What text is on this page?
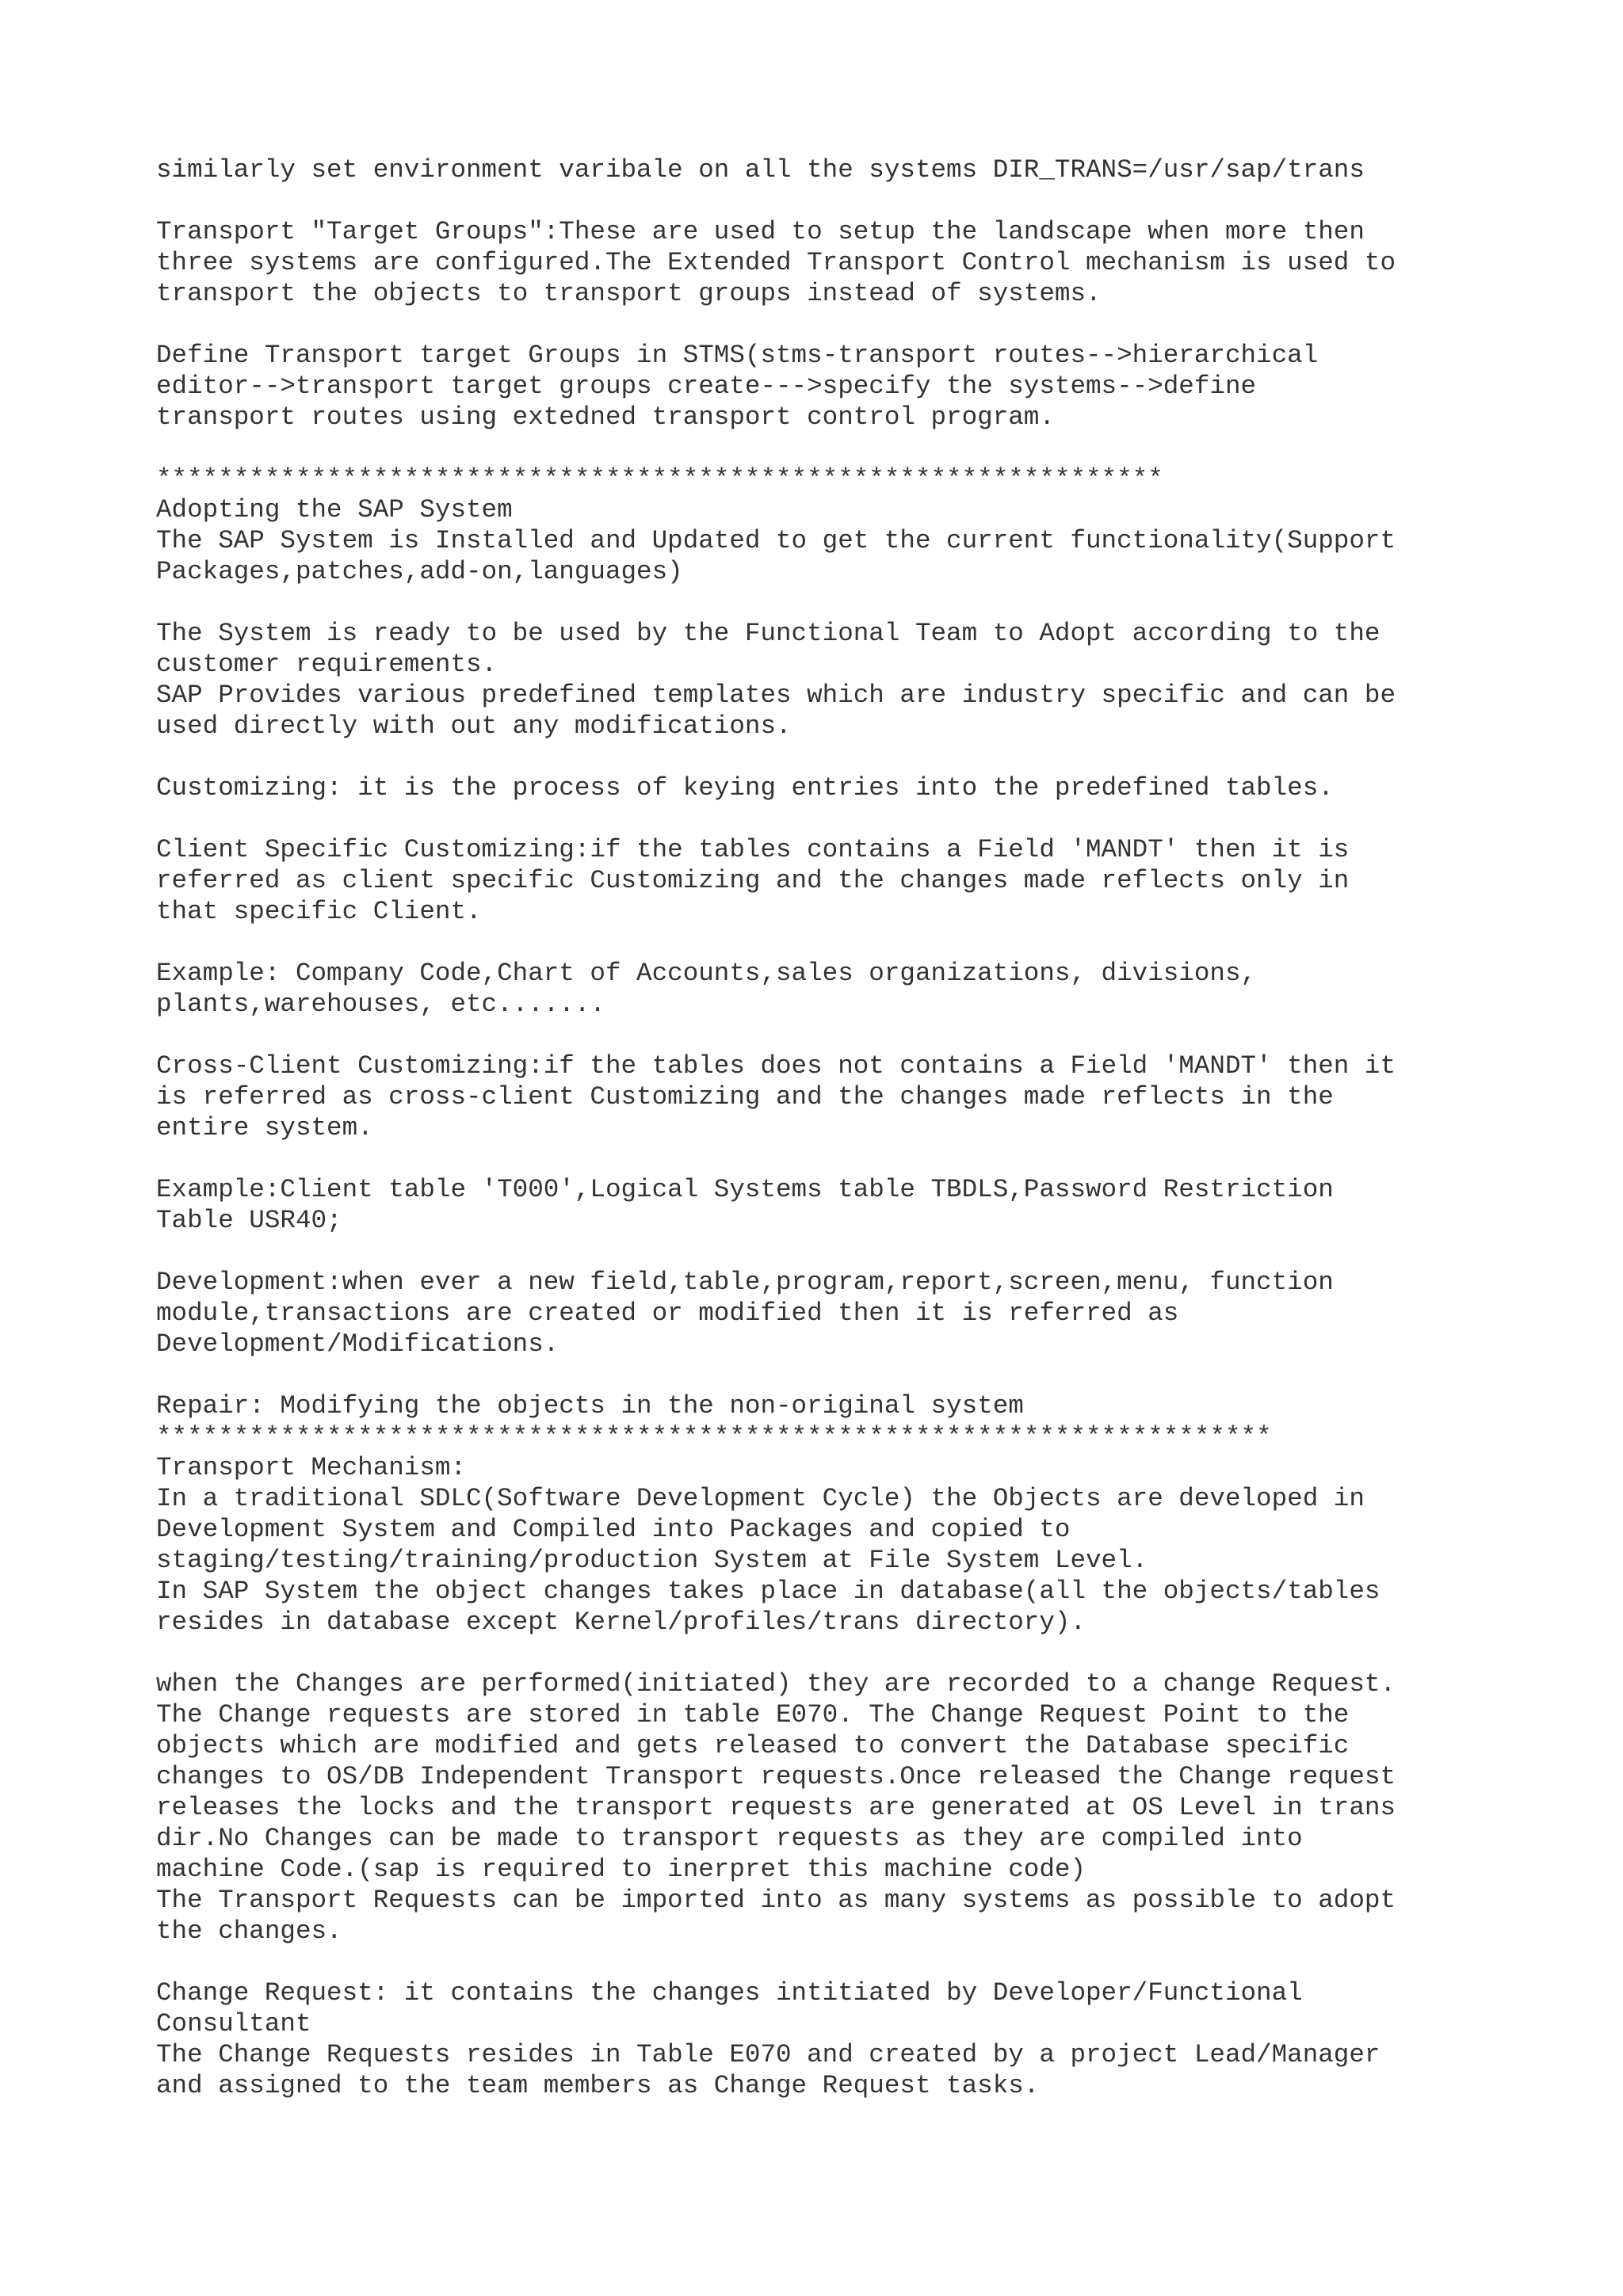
similarly set environment varibale on all the systems DIR_TRANS=/usr/sap/trans
Transport "Target Groups":These are used to setup the landscape when more then
three systems are configured.The Extended Transport Control mechanism is used to
transport the objects to transport groups instead of systems.
Define Transport target Groups in STMS(stms-transport routes-->hierarchical
editor-->transport target groups create--->specify the systems-->define
transport routes using extedned transport control program.
*****************************************************************
Adopting the SAP System
The SAP System is Installed and Updated to get the current functionality(Support
Packages,patches,add-on,languages)
The System is ready to be used by the Functional Team to Adopt according to the
customer requirements.
SAP Provides various predefined templates which are industry specific and can be
used directly with out any modifications.
Customizing: it is the process of keying entries into the predefined tables.
Client Specific Customizing:if the tables contains a Field 'MANDT' then it is
referred as client specific Customizing and the changes made reflects only in
that specific Client.
Example: Company Code,Chart of Accounts,sales organizations, divisions,
plants,warehouses, etc.......
Cross-Client Customizing:if the tables does not contains a Field 'MANDT' then it
is referred as cross-client Customizing and the changes made reflects in the
entire system.
Example:Client table 'T000',Logical Systems table TBDLS,Password Restriction
Table USR40;
Development:when ever a new field,table,program,report,screen,menu, function
module,transactions are created or modified then it is referred as
Development/Modifications.
Repair: Modifying the objects in the non-original system
************************************************************************
Transport Mechanism:
In a traditional SDLC(Software Development Cycle) the Objects are developed in
Development System and Compiled into Packages and copied to
staging/testing/training/production System at File System Level.
In SAP System the object changes takes place in database(all the objects/tables
resides in database except Kernel/profiles/trans directory).
when the Changes are performed(initiated) they are recorded to a change Request.
The Change requests are stored in table E070. The Change Request Point to the
objects which are modified and gets released to convert the Database specific
changes to OS/DB Independent Transport requests.Once released the Change request
releases the locks and the transport requests are generated at OS Level in trans
dir.No Changes can be made to transport requests as they are compiled into
machine Code.(sap is required to inerpret this machine code)
The Transport Requests can be imported into as many systems as possible to adopt
the changes.
Change Request: it contains the changes intitiated by Developer/Functional
Consultant
The Change Requests resides in Table E070 and created by a project Lead/Manager
and assigned to the team members as Change Request tasks.
